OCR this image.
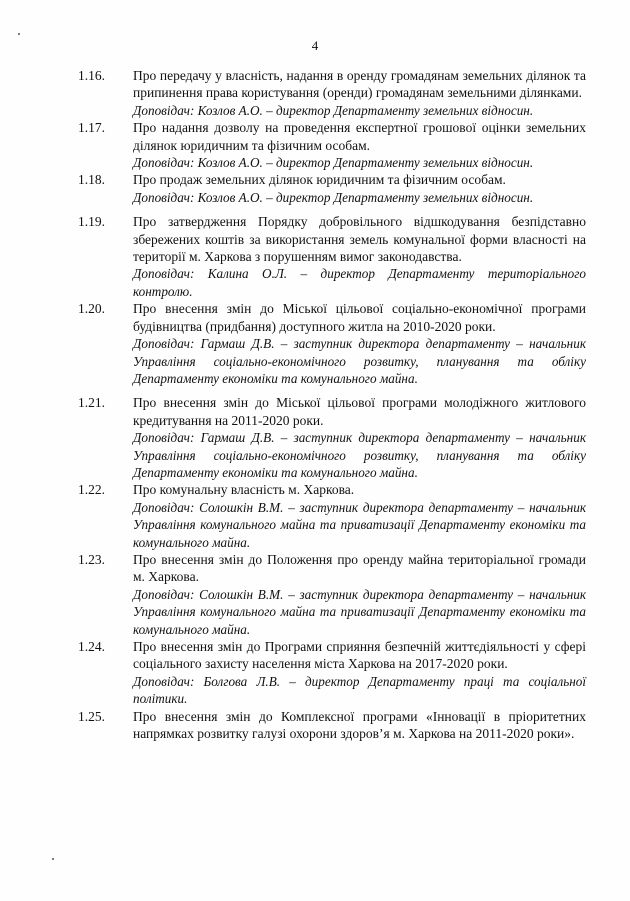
4
1.16. Про передачу у власність, надання в оренду громадянам земельних ділянок та припинення права користування (оренди) громадянам земельними ділянками.
Доповідач: Козлов А.О. – директор Департаменту земельних відносин.
1.17. Про надання дозволу на проведення експертної грошової оцінки земельних ділянок юридичним та фізичним особам.
Доповідач: Козлов А.О. – директор Департаменту земельних відносин.
1.18. Про продаж земельних ділянок юридичним та фізичним особам.
Доповідач: Козлов А.О. – директор Департаменту земельних відносин.
1.19. Про затвердження Порядку добровільного відшкодування безпідставно збережених коштів за використання земель комунальної форми власності на території м. Харкова з порушенням вимог законодавства.
Доповідач: Калина О.Л. – директор Департаменту територіального контролю.
1.20. Про внесення змін до Міської цільової соціально-економічної програми будівництва (придбання) доступного житла на 2010-2020 роки.
Доповідач: Гармаш Д.В. – заступник директора департаменту – начальник Управління соціально-економічного розвитку, планування та обліку Департаменту економіки та комунального майна.
1.21. Про внесення змін до Міської цільової програми молодіжного житлового кредитування на 2011-2020 роки.
Доповідач: Гармаш Д.В. – заступник директора департаменту – начальник Управління соціально-економічного розвитку, планування та обліку Департаменту економіки та комунального майна.
1.22. Про комунальну власність м. Харкова.
Доповідач: Солошкін В.М. – заступник директора департаменту – начальник Управління комунального майна та приватизації Департаменту економіки та комунального майна.
1.23. Про внесення змін до Положення про оренду майна територіальної громади м. Харкова.
Доповідач: Солошкін В.М. – заступник директора департаменту – начальник Управління комунального майна та приватизації Департаменту економіки та комунального майна.
1.24. Про внесення змін до Програми сприяння безпечній життєдіяльності у сфері соціального захисту населення міста Харкова на 2017-2020 роки.
Доповідач: Болгова Л.В. – директор Департаменту праці та соціальної політики.
1.25. Про внесення змін до Комплексної програми «Інновації в пріоритетних напрямках розвитку галузі охорони здоров’я м. Харкова на 2011-2020 роки».
